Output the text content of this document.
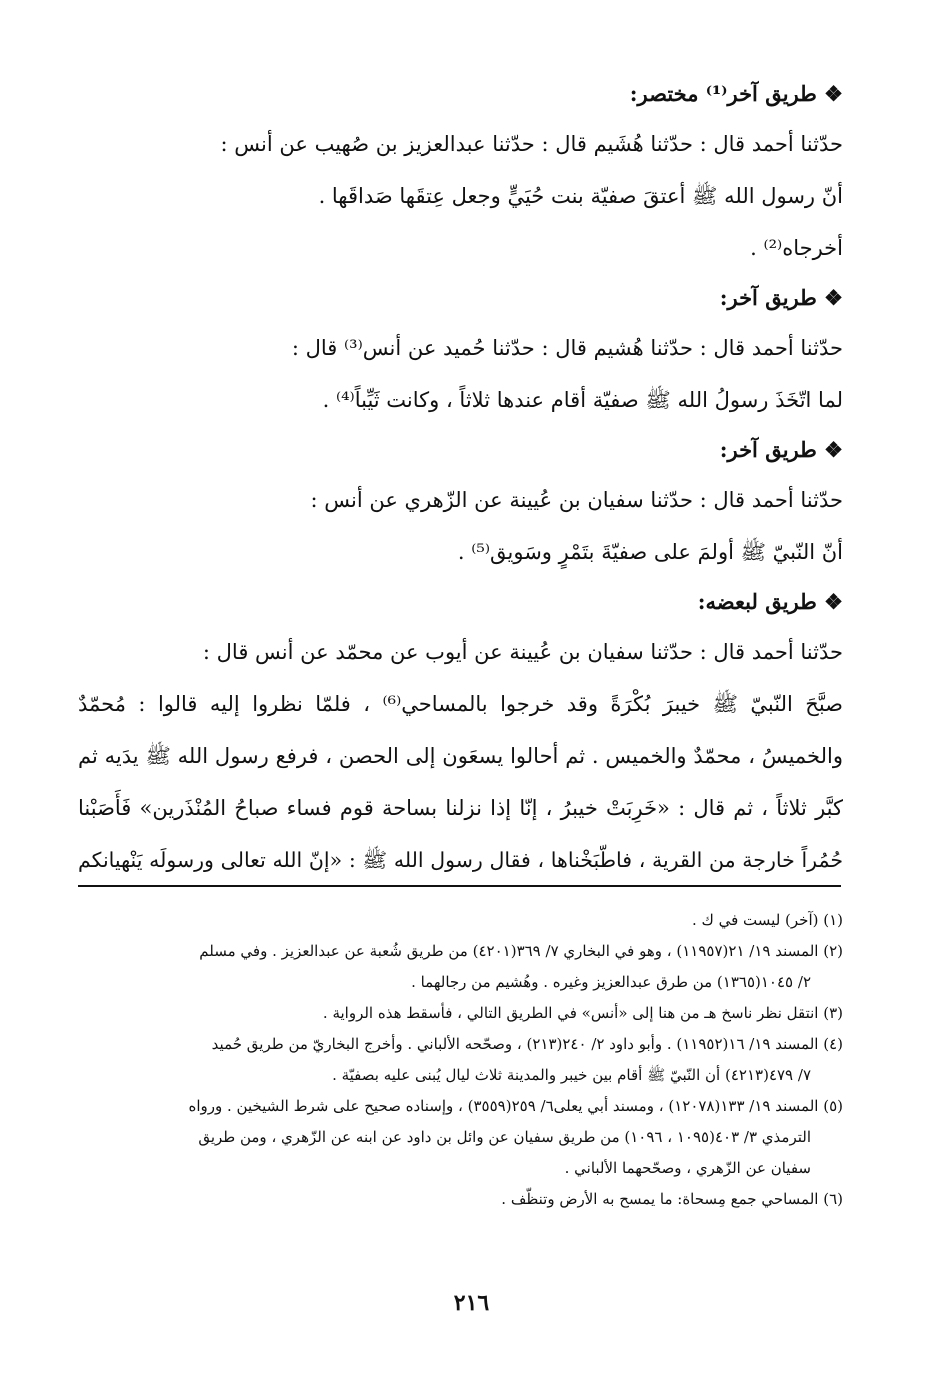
❖ طريق آخر⁽¹⁾ مختصر:

حدّثنا أحمد قال : حدّثنا هُشَيم قال : حدّثنا عبدالعزيز بن صُهيب عن أنس :

أنّ رسول الله ﷺ أعتقَ صفيّة بنت حُيَيٍّ وجعل عِتقَها صَداقَها .

أخرجاه⁽²⁾ .

❖ طريق آخر:

حدّثنا أحمد قال : حدّثنا هُشيم قال : حدّثنا حُميد عن أنس⁽³⁾ قال :

لما اتّخَذَ رسولُ الله ﷺ صفيّة أقام عندها ثلاثاً ، وكانت ثَيِّباً⁽⁴⁾ .

❖ طريق آخر:

حدّثنا أحمد قال : حدّثنا سفيان بن عُيينة عن الزّهري عن أنس :

أنّ النّبيّ ﷺ أولمَ على صفيّةَ بتَمْرٍ وسَويق⁽⁵⁾ .

❖ طريق لبعضه:

حدّثنا أحمد قال : حدّثنا سفيان بن عُيينة عن أيوب عن محمّد عن أنس قال :

صبَّحَ النّبيّ ﷺ خيبرَ بُكْرَةً وقد خرجوا بالمساحي⁽⁶⁾ ، فلمّا نظروا إليه قالوا : مُحمّدٌ

والخميسُ ، محمّدٌ والخميس . ثم أحالوا يسعَون إلى الحصن ، فرفع رسول الله ﷺ يدَيه ثم

كبَّر ثلاثاً ، ثم قال : «خَرِبَتْ خيبرُ ، إنّا إذا نزلنا بساحة قوم فساء صباحُ المُنْذَرين» فَأَصَبْنا

حُمُراً خارجة من القرية ، فاطّبَخْناها ، فقال رسول الله ﷺ : «إنّ الله تعالى ورسولَه يَنْهيانكم

(١) (آخر) ليست في ك .

(٢) المسند ١٩/ ٢١(١١٩٥٧) ، وهو في البخاري ٧/ ٣٦٩(٤٢٠١) من طريق شُعبة عن عبدالعزيز . وفي مسلم

٢/ ١٠٤٥(١٣٦٥) من طرق عبدالعزيز وغيره . وهُشيم من رجالهما .

(٣) انتقل نظر ناسخ هـ من هنا إلى «أنس» في الطريق التالي ، فأسقط هذه الرواية .

(٤) المسند ١٩/ ١٦(١١٩٥٢) . وأبو داود ٢/ ٢٤٠(٢١٣) ، وصحّحه الألباني . وأخرج البخاريّ من طريق حُميد

٧/ ٤٧٩(٤٢١٣) أن النّبيّ ﷺ أقام بين خيبر والمدينة ثلاث ليال يُبنى عليه بصفيّة .

(٥) المسند ١٩/ ١٣٣(١٢٠٧٨) ، ومسند أبي يعلى٦/ ٢٥٩(٣٥٥٩) ، وإسناده صحيح على شرط الشيخين . ورواه

الترمذي ٣/ ٤٠٣(١٠٩٥ ، ١٠٩٦) من طريق سفيان عن وائل بن داود عن ابنه عن الزّهري ، ومن طريق

سفيان عن الزّهري ، وصحّحهما الألباني .

(٦) المساحي جمع مِسحاة: ما يمسح به الأرض وتنظّف .

٢١٦
